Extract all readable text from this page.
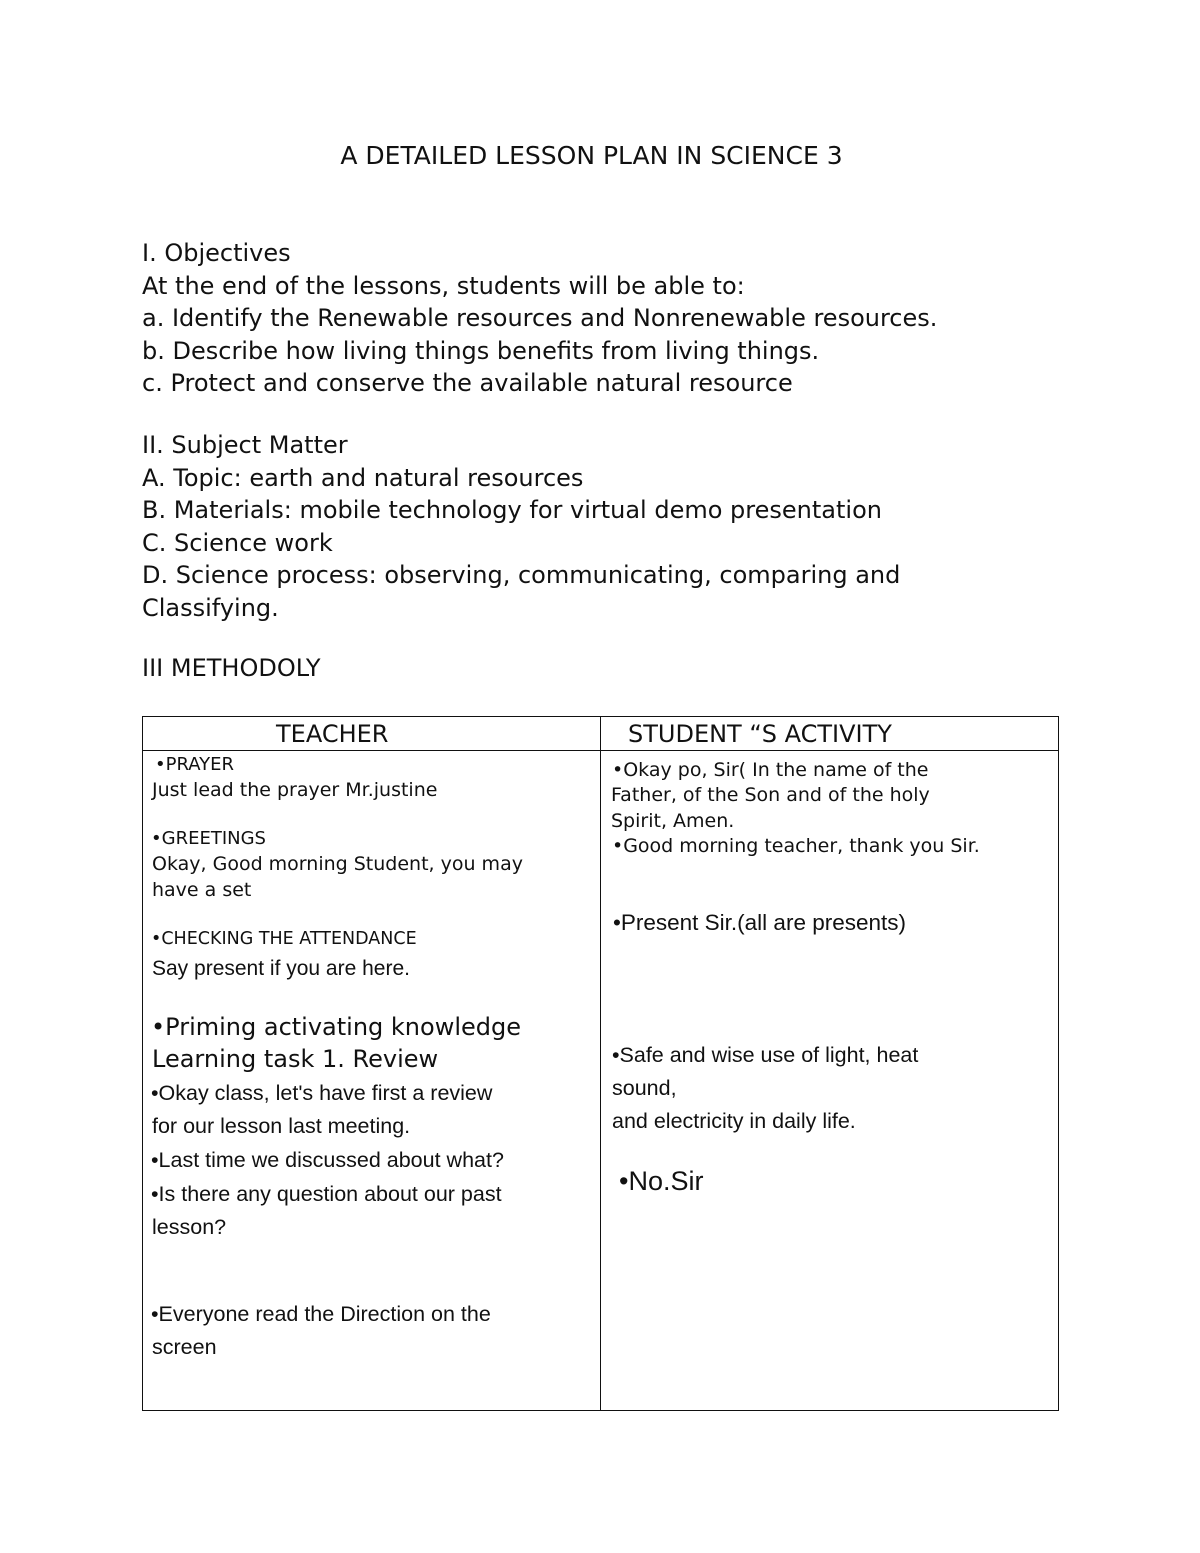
A DETAILED LESSON PLAN IN SCIENCE 3
I. Objectives
At the end of the lessons, students will be able to:
a. Identify the Renewable resources and Nonrenewable resources.
b. Describe how living things benefits from living things.
c. Protect and conserve the available natural resource
II. Subject Matter
A. Topic: earth and natural resources
B. Materials: mobile technology for virtual demo presentation
C. Science work
D. Science process: observing, communicating, comparing and
Classifying.
III METHODOLY
TEACHER	STUDENT “S ACTIVITY
•PRAYER
Just lead the prayer Mr.justine
•GREETINGS
Okay, Good morning Student, you may
have a set
•CHECKING THE ATTENDANCE
Say present if you are here.
•Priming activating knowledge
Learning task 1. Review
•Okay class, let's have first a review
for our lesson last meeting.
•Last time we discussed about what?
•Is there any question about our past
lesson?
•Everyone read the Direction on the
screen
•Okay po, Sir( In the name of the
Father, of the Son and of the holy
Spirit, Amen.
•Good morning teacher, thank you Sir.
•Present Sir.(all are presents)
•Safe and wise use of light, heat
sound,
and electricity in daily life.
•No.Sir
